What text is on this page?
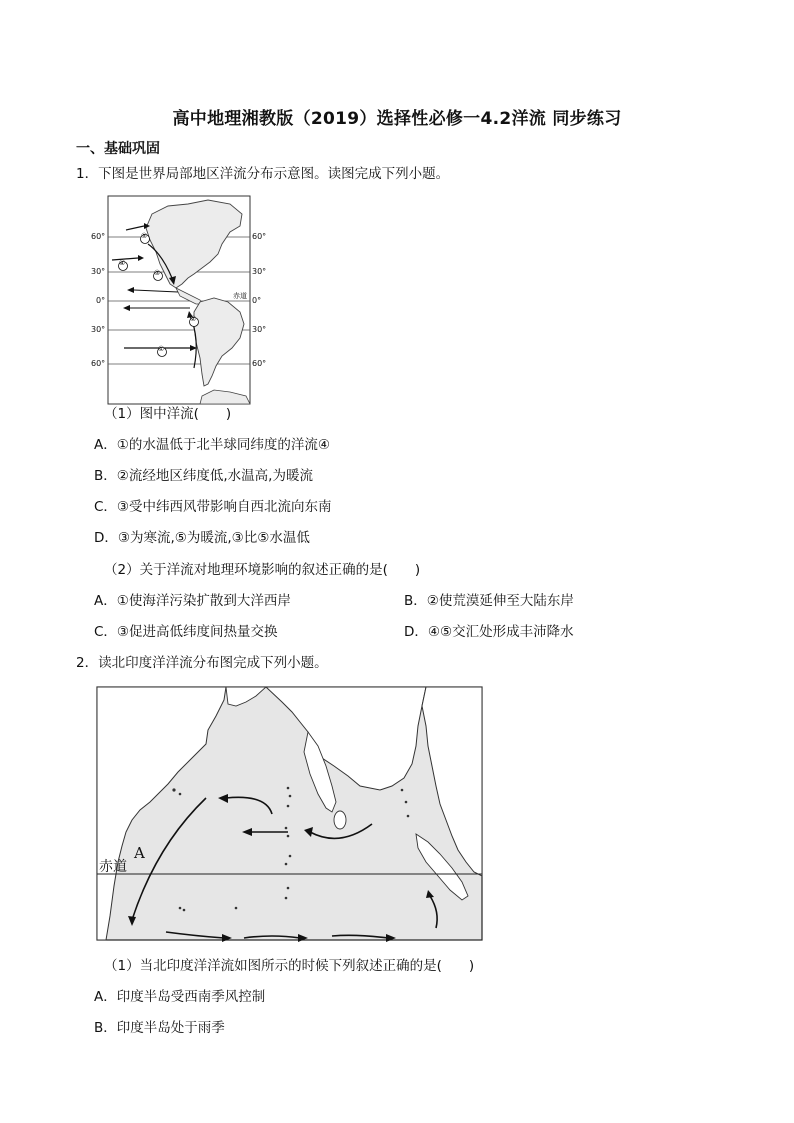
高中地理湘教版（2019）选择性必修一4.2洋流 同步练习
一、基础巩固
1．下图是世界局部地区洋流分布示意图。读图完成下列小题。
⑤
④
③
②
①
60°
30°
0°
30°
60°
60°
30°
0°
30°
60°
赤道
（1）图中洋流(　　)
A．①的水温低于北半球同纬度的洋流④
B．②流经地区纬度低,水温高,为暖流
C．③受中纬西风带影响自西北流向东南
D．③为寒流,⑤为暖流,③比⑤水温低
（2）关于洋流对地理环境影响的叙述正确的是(　　)
A．①使海洋污染扩散到大洋西岸	B．②使荒漠延伸至大陆东岸
C．③促进高低纬度间热量交换	D．④⑤交汇处形成丰沛降水
2．读北印度洋洋流分布图完成下列小题。
赤道
A
（1）当北印度洋洋流如图所示的时候下列叙述正确的是(　　)
A．印度半岛受西南季风控制
B．印度半岛处于雨季
